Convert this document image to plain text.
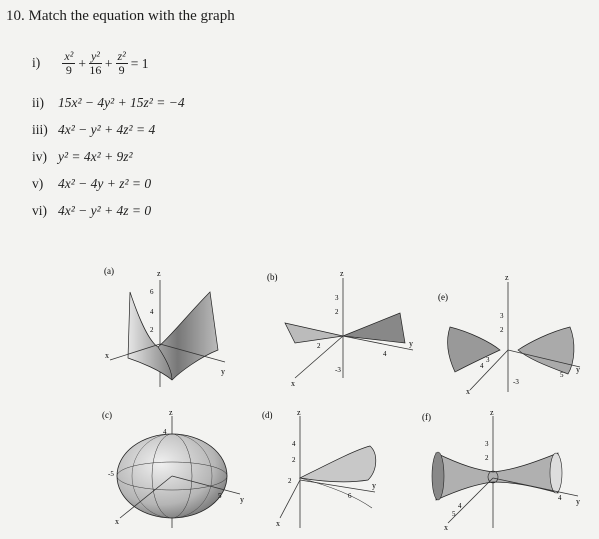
10. Match the equation with the graph
$i) \frac{\text{x²}}{9} + \frac{\text{y²}}{16} + \frac{\text{z²}}{9} = 1$
ii) 15x² − 4y² + 15z² = −4
iii) 4x² − y² + 4z² = 4
iv) y² = 4x² + 9z²
v) 4x² − 4y + z² = 0
vi) 4x² − y² + 4z = 0
(a)	z
x
y
6
4
2
(b)	z
x
y
3
2
-3
2
4
(e)
z
x
y
3
2
4
3
-3
5
(c)	z
x
y
4
-5
5
(d)	z
x
y
4
2
2
6
(f)	z
x
y
3
2
5
4
4
